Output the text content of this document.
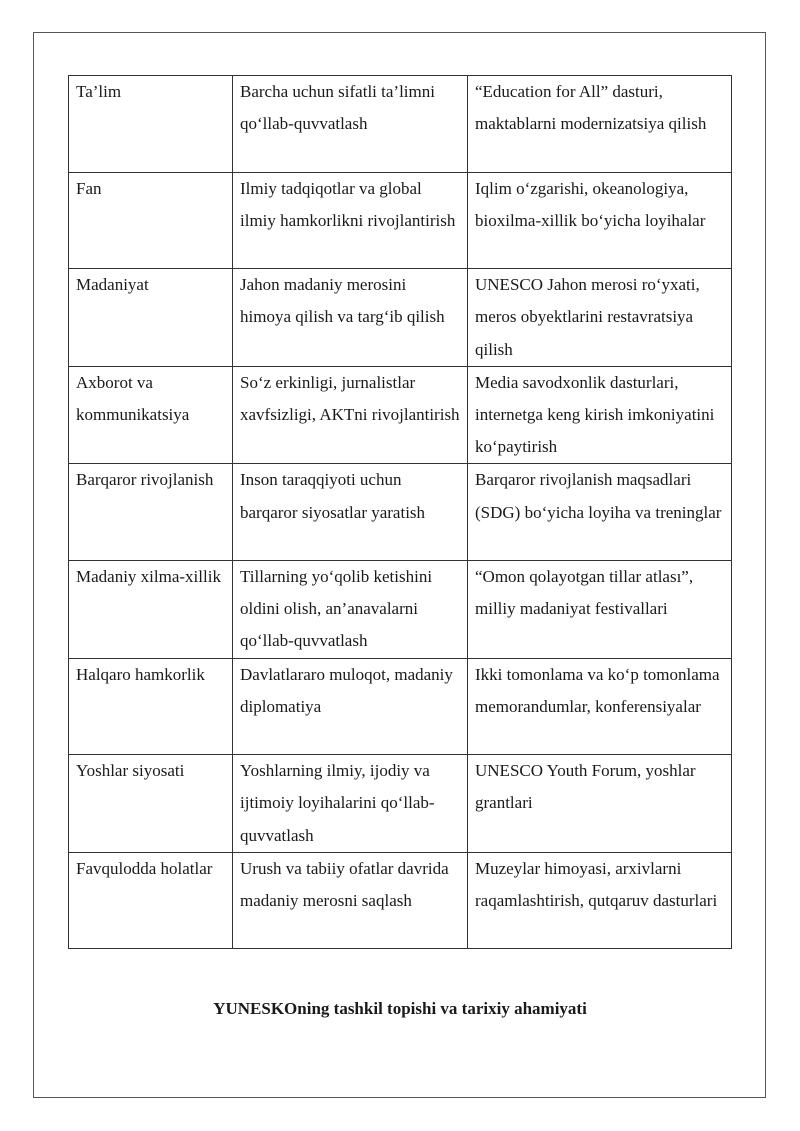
Ta’lim	Barcha uchun sifatli ta’limni qo‘llab-quvvatlash	“Education for All” dasturi, maktablarni modernizatsiya qilish
Fan	Ilmiy tadqiqotlar va global ilmiy hamkorlikni rivojlantirish	Iqlim o‘zgarishi, okeanologiya, bioxilma-xillik bo‘yicha loyihalar
Madaniyat	Jahon madaniy merosini himoya qilish va targ‘ib qilish	UNESCO Jahon merosi ro‘yxati, meros obyektlarini restavratsiya qilish
Axborot va kommunikatsiya	So‘z erkinligi, jurnalistlar xavfsizligi, AKTni rivojlantirish	Media savodxonlik dasturlari, internetga keng kirish imkoniyatini ko‘paytirish
Barqaror rivojlanish	Inson taraqqiyoti uchun barqaror siyosatlar yaratish	Barqaror rivojlanish maqsadlari (SDG) bo‘yicha loyiha va treninglar
Madaniy xilma-xillik	Tillarning yo‘qolib ketishini oldini olish, an’anavalarni qo‘llab-quvvatlash	“Omon qolayotgan tillar atlası”, milliy madaniyat festivallari
Halqaro hamkorlik	Davlatlararo muloqot, madaniy diplomatiya	Ikki tomonlama va ko‘p tomonlama memorandumlar, konferensiyalar
Yoshlar siyosati	Yoshlarning ilmiy, ijodiy va ijtimoiy loyihalarini qo‘llab-quvvatlash	UNESCO Youth Forum, yoshlar grantlari
Favqulodda holatlar	Urush va tabiiy ofatlar davrida madaniy merosni saqlash	Muzeylar himoyasi, arxivlarni raqamlashtirish, qutqaruv dasturlari
YUNESKOning tashkil topishi va tarixiy ahamiyati
